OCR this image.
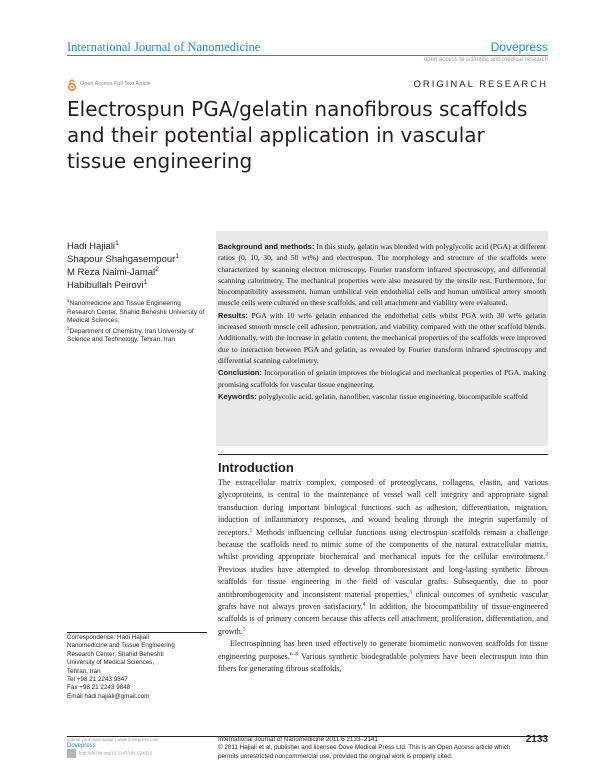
International Journal of Nanomedicine	Dovepress
open access to scientific and medical research
Open Access Full Text Article	ORIGINAL RESEARCH
Electrospun PGA/gelatin nanofibrous scaffolds and their potential application in vascular tissue engineering
Hadi Hajiali$^1$
Shapour Shahgasempour$^1$
M Reza Naimi-Jamal$^2$
Habibullah Peirovi$^1$

$^1$Nanomedicine and Tissue Engineering Research Center, Shahid Beheshti University of Medical Sciences;

$^2$Department of Chemistry, Iran University of Science and Technology, Tehran, Iran

Background and methods: In this study, gelatin was blended with polyglycolic acid (PGA) at different ratios (0, 10, 30, and 50 wt%) and electrospun. The morphology and structure of the scaffolds were characterized by scanning electron microscopy, Fourier transform infrared spectroscopy, and differential scanning calorimetry. The mechanical properties were also measured by the tensile test. Furthermore, for biocompatibility assessment, human umbilical vein endothelial cells and human umbilical artery smooth muscle cells were cultured on these scaffolds, and cell attachment and viability were evaluated.

Results: PGA with 10 wt% gelatin enhanced the endothelial cells whilst PGA with 30 wt% gelatin increased smooth muscle cell adhesion, penetration, and viability compared with the other scaffold blends. Additionally, with the increase in gelatin content, the mechanical properties of the scaffolds were improved due to interaction between PGA and gelatin, as revealed by Fourier transform infrared spectroscopy and differential scanning calorimetry.

Conclusion: Incorporation of gelatin improves the biological and mechanical properties of PGA, making promising scaffolds for vascular tissue engineering.

Keywords: polyglycolic acid, gelatin, nanofiber, vascular tissue engineering, biocompatible scaffold

Introduction

The extracellular matrix complex, composed of proteoglycans, collagens, elastin, and various glycoproteins, is central to the maintenance of vessel wall cell integrity and appropriate signal transduction during important biological functions such as adhesion, differentiation, migration, induction of inflammatory responses, and wound healing through the integrin superfamily of receptors.$^1$ Methods influencing cellular functions using electrospun scaffolds remain a challenge because the scaffolds need to mimic some of the components of the natural extracellular matrix, whilst providing appropriate biochemical and mechanical inputs for the cellular environment.$^2$ Previous studies have attempted to develop thromboresistant and long-lasting synthetic fibrous scaffolds for tissue engineering in the field of vascular grafts. Subsequently, due to poor antithrombogenicity and inconsistent material properties,$^3$ clinical outcomes of synthetic vascular grafts have not always proven satisfactory.$^4$ In addition, the biocompatibility of tissue-engineered scaffolds is of primary concern because this affects cell attachment, proliferation, differentiation, and growth.$^5$

Electrospinning has been used effectively to generate biomimetic nonwoven scaffolds for tissue engineering purposes.$^{6-8}$ Various synthetic biodegradable polymers have been electrospun into thin fibers for generating fibrous scaffolds,

Correspondence: Hadi Hajiali

Nanomedicine and Tissue Engineering

Research Center, Shahid Beheshti

University of Medical Sciences,

Tehran, Iran

Tel +98 21 2243 9847

Fax +98 21 2243 9848

Email hadi.hajiali@gmail.com

submit your manuscript | www.dovepress.com
Dovepress
http://dx.doi.org/10.2147/IJN.S24312

International Journal of Nanomedicine 2011:6 2133–2141

© 2011 Hajiali et al, publisher and licensee Dove Medical Press Ltd. This is an Open Access article which permits unrestricted noncommercial use, provided the original work is properly cited.

2133
